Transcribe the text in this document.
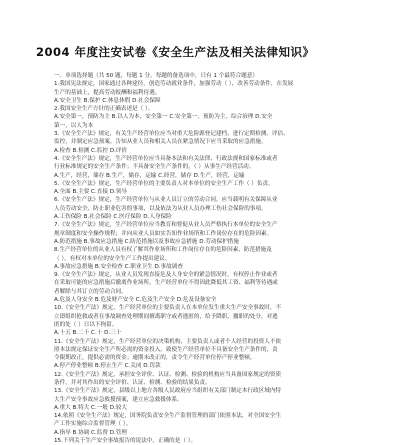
2004 年度注安试卷《安全生产法及相关法律知识》
一、单项选择题（共 50 题，每题 1 分。每题的备选项中，只有 1 个最符合题意）
1.我国宪法规定，国家通过各种途径，创造劳动就业条件，加强劳动（ ），改善劳动条件，在发展
生产的基础上，提高劳动报酬和福利待遇。
A.安全卫生 B.保护 C.休息休假 D.社会保障
2.我国安全生产方针的正确表述是（ ）。
A.安全第一，预防为主 B.以人为本，安全第一 C.安全第一，预防为主，综合治理 D.安全
第一，以人为本
3.《安全生产法》规定，有关生产经营单位应当对重大危险源登记建档，进行定期检测、评估、
监控，并制定应急预案，告知从业人员和相关人员在紧急情况下应当采取的应急措施。
A.检查 B.检测 C.监控 D.评价
4.《安全生产法》规定，生产经营单位应当具备本法和有关法律、行政法规和国家标准或者
行业标准规定的安全生产条件；不具备安全生产条件的，（ ）从事生产经营活动。
A.生产，经营，储存 B.生产，储存，运输 C.经营，储存 D.生产，经营，运输
5.《安全生产法》规定，生产经营单位的主要负责人对本单位的安全生产工作（ ）负责。
A.全面 B.主要 C.直接 D.领导
6.《安全生产法》规定，生产经营单位与从业人员订立的劳动合同，应当载明有关保障从业
人员劳动安全、防止职业危害的事项，以及依法为从业人员办理工伤社会保险的事项。
A.工伤保险 B.社会保险 C.医疗保险 D.人身保险
7.《安全生产法》规定，生产经营单位应当教育和督促从业人员严格执行本单位的安全生产
规章制度和安全操作规程；并向从业人员如实告知作业场所和工作岗位存在的危险因素。
A.防范措施 B.事故应急措施 C.防范措施以及事故应急措施 D.劳动保护措施
8.生产经营单位的从业人员有权了解其作业场所和工作岗位存在的危险因素、防范措施及
（ ），有权对本单位的安全生产工作提出建议。
A.事故应急措施 B.安全检查 C.职业卫生 D.事故调查
9.《安全生产法》规定，从业人员发现直接危及人身安全的紧急情况时，有权停止作业或者
在采取可能的应急措施后撤离作业场所，生产经营单位不得因此降低其工资、福利等待遇或
者解除与其订立的劳动合同。
A.危及人身安全 B.危及财产安全 C.危及生产安全 D.危及设备安全
10.《安全生产法》规定，生产经营单位的主要负责人在本单位发生重大生产安全事故时，不
立即组织抢救或者在事故调查处理期间擅离职守或者逃匿的，给予降职、撤职的处分，对逃
匿的处（ ）日以下拘留。
A.十五 B.二十 C.十 D.三十
11.《安全生产法》规定，生产经营单位的决策机构、主要负责人或者个人经营的投资人不依
照本法规定保证安全生产所必需的资金投入，致使生产经营单位不具备安全生产条件的，责
令限期改正，提供必需的资金；逾期未改正的，责令生产经营单位停产停业整顿。
A.停产停业整顿 B.停止生产 C.关闭 D.罚款
12.《安全生产法》规定，承担安全评价、认证、检测、检验的机构应当具备国家规定的资质
条件，并对其作出的安全评价、认证、检测、检验的结果负责。
13.《安全生产法》规定，县级以上地方各级人民政府应当组织有关部门制定本行政区域内特
大生产安全事故应急救援预案，建立应急救援体系。
A.重大 B.特大 C.一般 D.较大
14.依照《安全生产法》规定，国务院负责安全生产监督管理的部门依照本法，对全国安全生
产工作实施综合监督管理（ ）。
A.指导 B.协调 C.监督 D.管理
15.下列关于生产安全事故报告的说法中，正确的是（ ）。
